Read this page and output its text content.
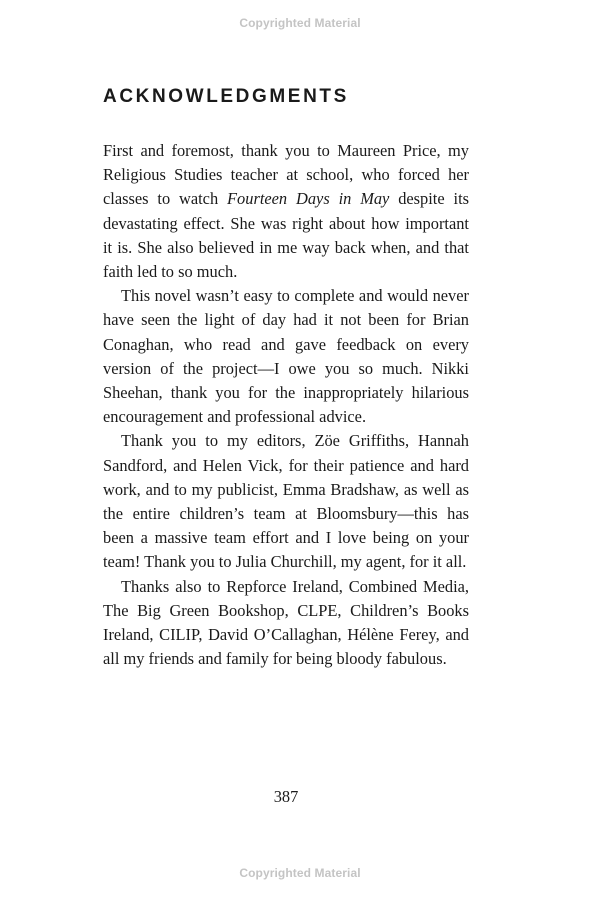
Copyrighted Material
ACKNOWLEDGMENTS

First and foremost, thank you to Maureen Price, my Religious Studies teacher at school, who forced her classes to watch Fourteen Days in May despite its devastating effect. She was right about how important it is. She also believed in me way back when, and that faith led to so much.

This novel wasn’t easy to complete and would never have seen the light of day had it not been for Brian Conaghan, who read and gave feedback on every version of the project—I owe you so much. Nikki Sheehan, thank you for the inappropriately hilarious encouragement and professional advice.

Thank you to my editors, Zöe Griffiths, Hannah Sandford, and Helen Vick, for their patience and hard work, and to my publicist, Emma Bradshaw, as well as the entire children’s team at Bloomsbury—this has been a massive team effort and I love being on your team! Thank you to Julia Churchill, my agent, for it all.

Thanks also to Repforce Ireland, Combined Media, The Big Green Bookshop, CLPE, Children’s Books Ireland, CILIP, David O’Callaghan, Hélène Ferey, and all my friends and family for being bloody fabulous.

387
Copyrighted Material
